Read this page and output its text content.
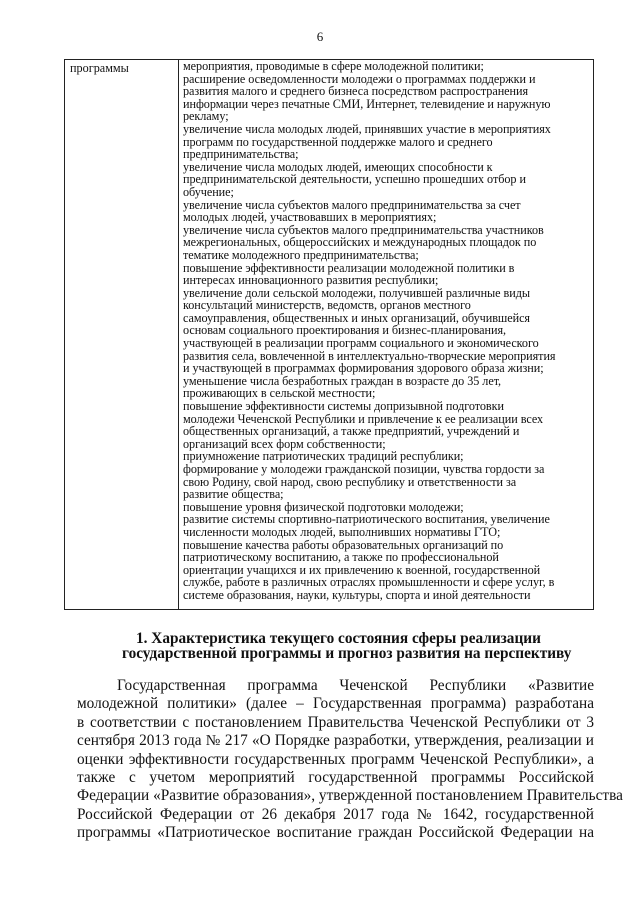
6
программы	мероприятия, проводимые в сфере молодежной политики;
расширение осведомленности молодежи о программах поддержки и
развития малого и среднего бизнеса посредством распространения
информации через печатные СМИ, Интернет, телевидение и наружную
рекламу;
увеличение числа молодых людей, принявших участие в мероприятиях
программ по государственной поддержке малого и среднего
предпринимательства;
увеличение числа молодых людей, имеющих способности к
предпринимательской деятельности, успешно прошедших отбор и
обучение;
увеличение числа субъектов малого предпринимательства за счет
молодых людей, участвовавших в мероприятиях;
увеличение числа субъектов малого предпринимательства участников
межрегиональных, общероссийских и международных площадок по
тематике молодежного предпринимательства;
повышение эффективности реализации молодежной политики в
интересах инновационного развития республики;
увеличение доли сельской молодежи, получившей различные виды
консультаций министерств, ведомств, органов местного
самоуправления, общественных и иных организаций, обучившейся
основам социального проектирования и бизнес-планирования,
участвующей в реализации программ социального и экономического
развития села, вовлеченной в интеллектуально-творческие мероприятия
и участвующей в программах формирования здорового образа жизни;
уменьшение числа безработных граждан в возрасте до 35 лет,
проживающих в сельской местности;
повышение эффективности системы допризывной подготовки
молодежи Чеченской Республики и привлечение к ее реализации всех
общественных организаций, а также предприятий, учреждений и
организаций всех форм собственности;
приумножение патриотических традиций республики;
формирование у молодежи гражданской позиции, чувства гордости за
свою Родину, свой народ, свою республику и ответственности за
развитие общества;
повышение уровня физической подготовки молодежи;
развитие системы спортивно-патриотического воспитания, увеличение
численности молодых людей, выполнивших нормативы ГТО;
повышение качества работы образовательных организаций по
патриотическому воспитанию, а также по профессиональной
ориентации учащихся и их привлечению к военной, государственной
службе, работе в различных отраслях промышленности и сфере услуг, в
системе образования, науки, культуры, спорта и иной деятельности
1. Характеристика текущего состояния сферы реализации
государственной программы и прогноз развития на перспективу
Государственная программа Чеченской Республики «Развитие
молодежной политики» (далее – Государственная программа) разработана
в соответствии с постановлением Правительства Чеченской Республики от 3
сентября 2013 года № 217 «О Порядке разработки, утверждения, реализации и
оценки эффективности государственных программ Чеченской Республики», а
также с учетом мероприятий государственной программы Российской
Федерации «Развитие образования», утвержденной постановлением Правительства
Российской Федерации от 26 декабря 2017 года № 1642, государственной
программы «Патриотическое воспитание граждан Российской Федерации на
